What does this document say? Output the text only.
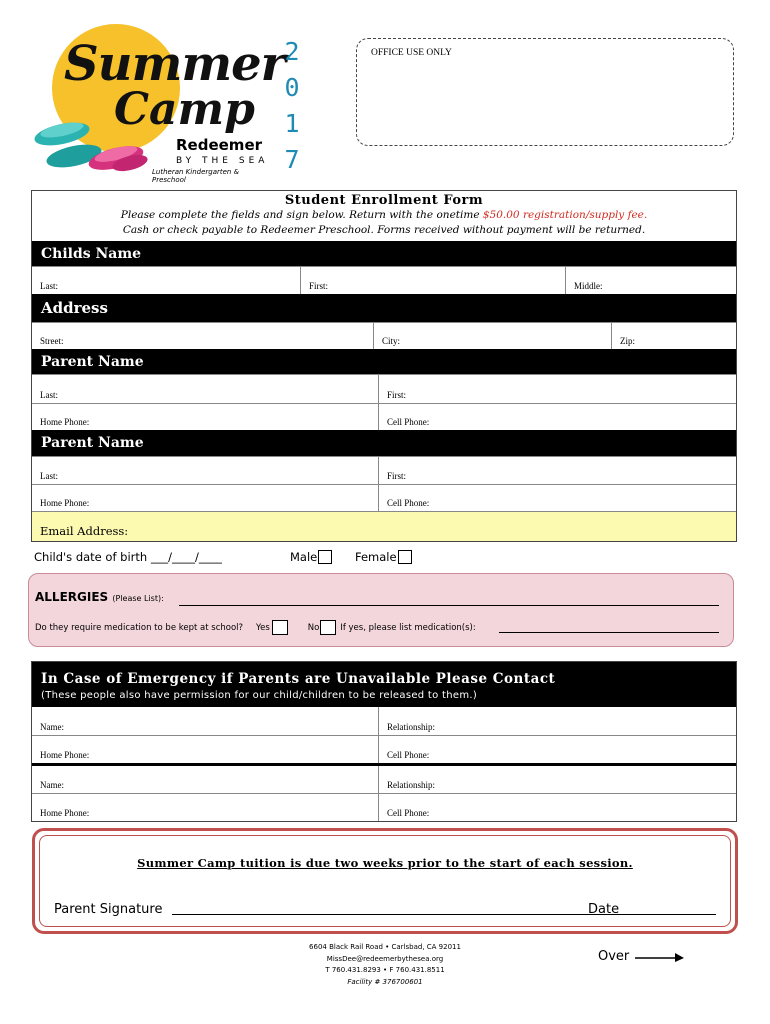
Summer
Camp
Redeemer
BY THE SEA
Lutheran Kindergarten & Preschool
2
0
1
7
OFFICE USE ONLY
Student Enrollment Form
Please complete the fields and sign below. Return with the onetime $50.00 registration/supply fee.
Cash or check payable to Redeemer Preschool. Forms received without payment will be returned.
Childs Name
Last:	First:	Middle:
Address
Street:	City:	Zip:
Parent Name
Last:	First:
Home Phone:	Cell Phone:
Parent Name
Last:	First:
Home Phone:	Cell Phone:
Email Address:
Child's date of birth ___/____/____	Male	Female
ALLERGIES (Please List):
Do they require medication to be kept at school? Yes	No If yes, please list medication(s):
In Case of Emergency if Parents are Unavailable Please Contact
(These people also have permission for our child/children to be released to them.)
Name:	Relationship:
Home Phone:	Cell Phone:
Name:	Relationship:
Home Phone:	Cell Phone:
Summer Camp tuition is due two weeks prior to the start of each session.
Parent Signature	Date
6604 Black Rail Road • Carlsbad, CA 92011
MissDee@redeemerbythesea.org
T 760.431.8293 • F 760.431.8511
Facility # 376700601
Over
